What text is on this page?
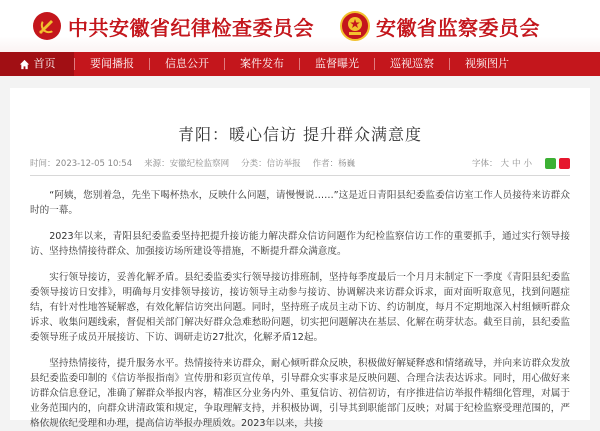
中共安徽省纪律检查委员会	安徽省监察委员会
首页	要闻播报	信息公开	案件发布	监督曝光	巡视巡察	视频图片
青阳：暖心信访 提升群众满意度
时间：2023-12-05 10:54 来源：安徽纪检监察网 分类：信访举报 作者：杨巍	字体： 大 中 小

“阿姨，您别着急，先坐下喝杯热水，反映什么问题，请慢慢说……”这是近日青阳县纪委监委信访室工作人员接待来访群众时的一幕。

2023年以来，青阳县纪委监委坚持把提升接访能力解决群众信访问题作为纪检监察信访工作的重要抓手，通过实行领导接访、坚持热情接待群众、加强接访场所建设等措施，不断提升群众满意度。

实行领导接访，妥善化解矛盾。县纪委监委实行领导接访排班制，坚持每季度最后一个月月末制定下一季度《青阳县纪委监委领导接访日安排》，明确每月安排领导接访，接访领导主动参与接访、协调解决来访群众诉求，面对面听取意见，找到问题症结，有针对性地答疑解惑，有效化解信访突出问题。同时，坚持班子成员主动下访、约访制度，每月不定期地深入村组倾听群众诉求、收集问题线索，督促相关部门解决好群众急难愁盼问题，切实把问题解决在基层、化解在萌芽状态。截至目前，县纪委监委领导班子成员开展接访、下访、调研走访27批次，化解矛盾12起。

坚持热情接待，提升服务水平。热情接待来访群众，耐心倾听群众反映，积极做好解疑释惑和情绪疏导，并向来访群众发放县纪委监委印制的《信访举报指南》宣传册和彩页宣传单，引导群众实事求是反映问题、合理合法表达诉求。同时，用心做好来访群众信息登记，准确了解群众举报内容，精准区分业务内外、重复信访、初信初访，有序推进信访举报件精细化管理，对属于业务范围内的，向群众讲清政策和规定，争取理解支持，并积极协调，引导其到职能部门反映；对属于纪检监察受理范围的，严格依规依纪受理和办理，提高信访举报办理质效。2023年以来，共接
